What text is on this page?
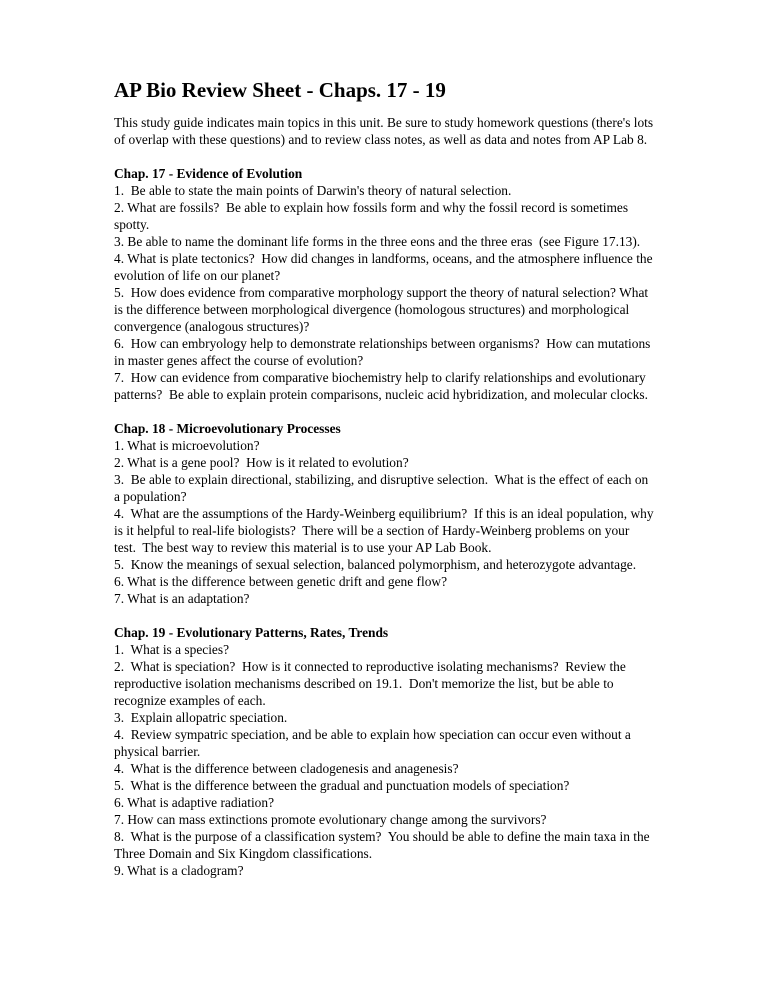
AP Bio Review Sheet - Chaps. 17 - 19

This study guide indicates main topics in this unit. Be sure to study homework questions (there's lots of overlap with these questions) and to review class notes, as well as data and notes from AP Lab 8.

Chap. 17 - Evidence of Evolution

1.  Be able to state the main points of Darwin's theory of natural selection.

2. What are fossils?  Be able to explain how fossils form and why the fossil record is sometimes spotty.

3. Be able to name the dominant life forms in the three eons and the three eras  (see Figure 17.13).

4. What is plate tectonics?  How did changes in landforms, oceans, and the atmosphere influence the evolution of life on our planet?

5.  How does evidence from comparative morphology support the theory of natural selection? What is the difference between morphological divergence (homologous structures) and morphological convergence (analogous structures)?

6.  How can embryology help to demonstrate relationships between organisms?  How can mutations in master genes affect the course of evolution?

7.  How can evidence from comparative biochemistry help to clarify relationships and evolutionary patterns?  Be able to explain protein comparisons, nucleic acid hybridization, and molecular clocks.

Chap. 18 - Microevolutionary Processes

1. What is microevolution?

2. What is a gene pool?  How is it related to evolution?

3.  Be able to explain directional, stabilizing, and disruptive selection.  What is the effect of each on a population?

4.  What are the assumptions of the Hardy-Weinberg equilibrium?  If this is an ideal population, why is it helpful to real-life biologists?  There will be a section of Hardy-Weinberg problems on your test.  The best way to review this material is to use your AP Lab Book.

5.  Know the meanings of sexual selection, balanced polymorphism, and heterozygote advantage.

6. What is the difference between genetic drift and gene flow?

7. What is an adaptation?

Chap. 19 - Evolutionary Patterns, Rates, Trends

1.  What is a species?

2.  What is speciation?  How is it connected to reproductive isolating mechanisms?  Review the reproductive isolation mechanisms described on 19.1.  Don't memorize the list, but be able to recognize examples of each.

3.  Explain allopatric speciation.

4.  Review sympatric speciation, and be able to explain how speciation can occur even without a physical barrier.

4.  What is the difference between cladogenesis and anagenesis?

5.  What is the difference between the gradual and punctuation models of speciation?

6. What is adaptive radiation?

7. How can mass extinctions promote evolutionary change among the survivors?

8.  What is the purpose of a classification system?  You should be able to define the main taxa in the Three Domain and Six Kingdom classifications.

9. What is a cladogram?
